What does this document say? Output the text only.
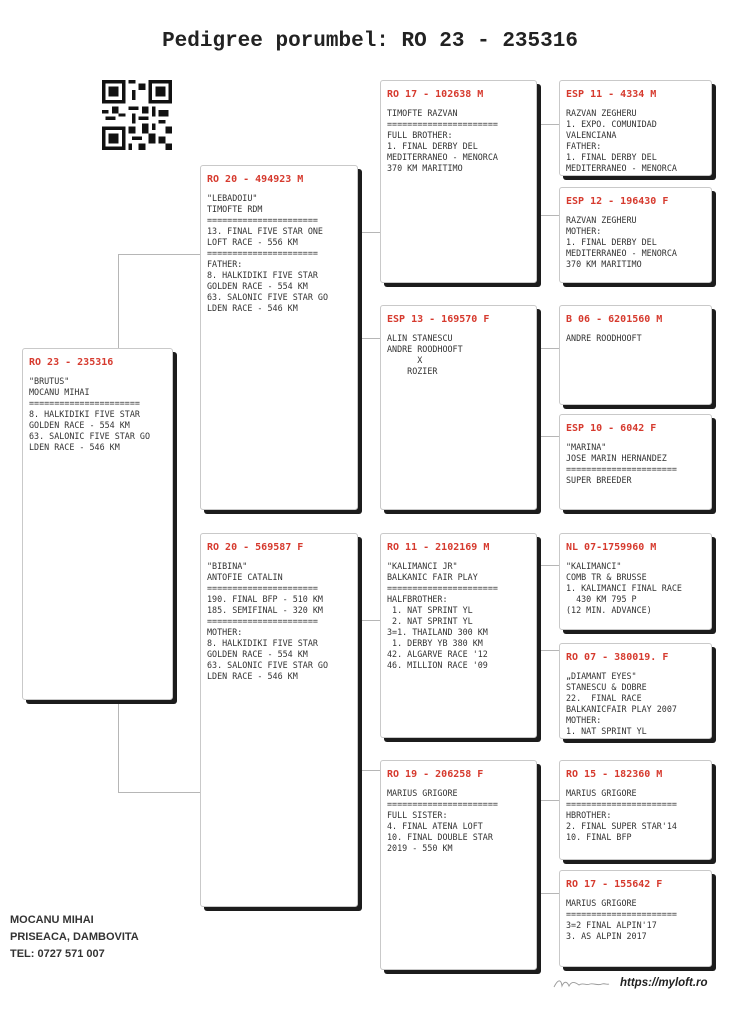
Pedigree porumbel: RO 23 - 235316
RO 23 - 235316
"BRUTUS"
MOCANU MIHAI
======================
8. HALKIDIKI FIVE STAR
GOLDEN RACE - 554 KM
63. SALONIC FIVE STAR GO
LDEN RACE - 546 KM
RO 20 - 494923 M
"LEBADOIU"
TIMOFTE RDM
======================
13. FINAL FIVE STAR ONE
LOFT RACE - 556 KM
======================
FATHER:
8. HALKIDIKI FIVE STAR
GOLDEN RACE - 554 KM
63. SALONIC FIVE STAR GO
LDEN RACE - 546 KM
RO 20 - 569587 F
"BIBINA"
ANTOFIE CATALIN
======================
190. FINAL BFP - 510 KM
185. SEMIFINAL - 320 KM
======================
MOTHER:
8. HALKIDIKI FIVE STAR
GOLDEN RACE - 554 KM
63. SALONIC FIVE STAR GO
LDEN RACE - 546 KM
RO 17 - 102638 M
TIMOFTE RAZVAN
======================
FULL BROTHER:
1. FINAL DERBY DEL
MEDITERRANEO - MENORCA
370 KM MARITIMO
ESP 13 - 169570 F
ALIN STANESCU
ANDRE ROODHOOFT
X
ROZIER
RO 11 - 2102169 M
"KALIMANCI JR"
BALKANIC FAIR PLAY
======================
HALFBROTHER:
1. NAT SPRINT YL
2. NAT SPRINT YL
3=1. THAILAND 300 KM
1. DERBY YB 380 KM
42. ALGARVE RACE '12
46. MILLION RACE '09
RO 19 - 206258 F
MARIUS GRIGORE
======================
FULL SISTER:
4. FINAL ATENA LOFT
10. FINAL DOUBLE STAR
2019 - 550 KM
ESP 11 - 4334 M
RAZVAN ZEGHERU
1. EXPO. COMUNIDAD
VALENCIANA
FATHER:
1. FINAL DERBY DEL
MEDITERRANEO - MENORCA
ESP 12 - 196430 F
RAZVAN ZEGHERU
MOTHER:
1. FINAL DERBY DEL
MEDITERRANEO - MENORCA
370 KM MARITIMO
B 06 - 6201560 M
ANDRE ROODHOOFT
ESP 10 - 6042 F
"MARINA"
JOSE MARIN HERNANDEZ
======================
SUPER BREEDER
NL 07-1759960 M
"KALIMANCI"
COMB TR & BRUSSE
1. KALIMANCI FINAL RACE
430 KM 795 P
(12 MIN. ADVANCE)
RO 07 - 380019. F
„DIAMANT EYES"
STANESCU & DOBRE
22.  FINAL RACE
BALKANICFAIR PLAY 2007
MOTHER:
1. NAT SPRINT YL
RO 15 - 182360 M
MARIUS GRIGORE
======================
HBROTHER:
2. FINAL SUPER STAR'14
10. FINAL BFP
RO 17 - 155642 F
MARIUS GRIGORE
======================
3=2 FINAL ALPIN'17
3. AS ALPIN 2017
MOCANU MIHAI
PRISEACA, DAMBOVITA
TEL: 0727 571 007
https://myloft.ro
